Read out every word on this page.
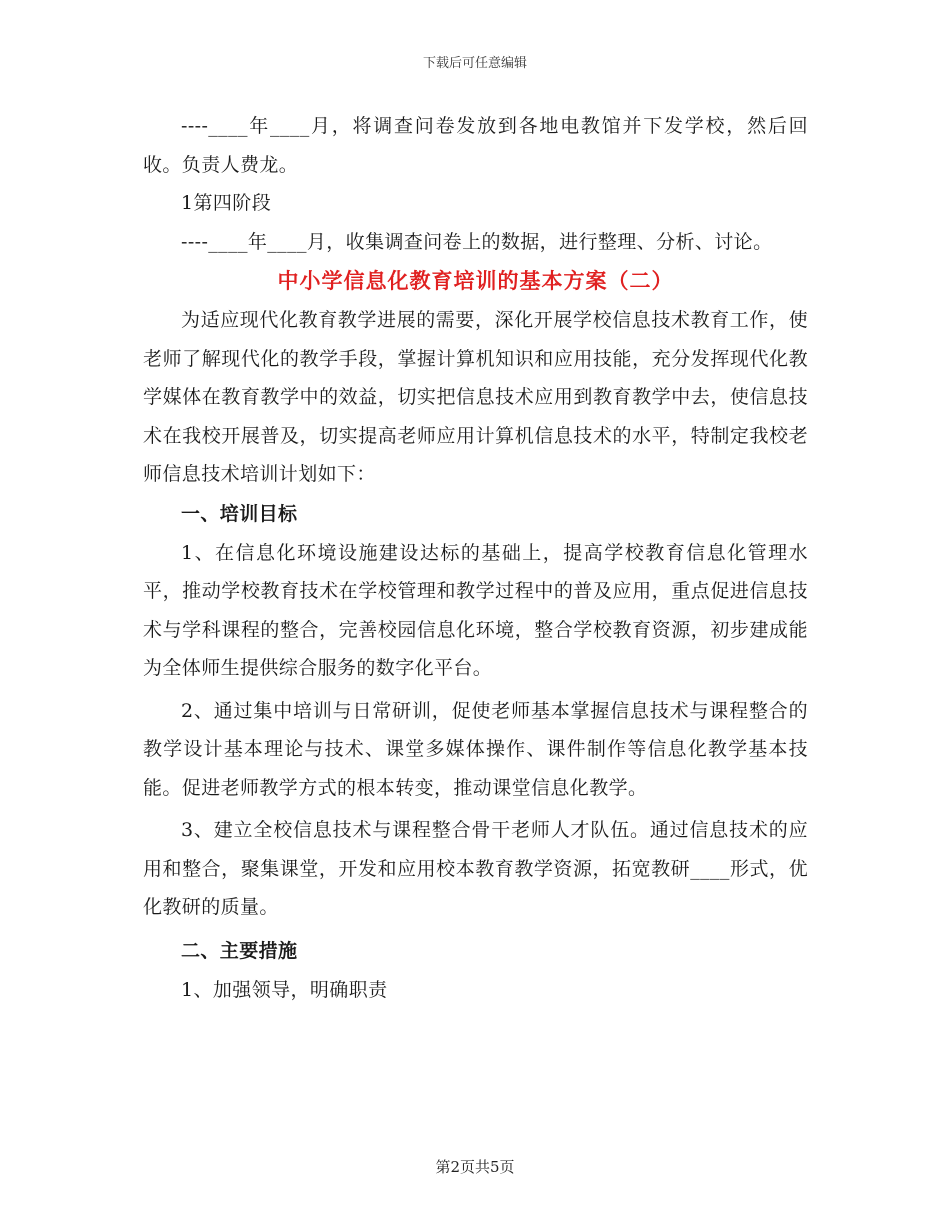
下载后可任意编辑

----____年____月，将调查问卷发放到各地电教馆并下发学校，然后回收。负责人费龙。

1第四阶段

----____年____月，收集调查问卷上的数据，进行整理、分析、讨论。

中小学信息化教育培训的基本方案（二）

为适应现代化教育教学进展的需要，深化开展学校信息技术教育工作，使老师了解现代化的教学手段，掌握计算机知识和应用技能，充分发挥现代化教学媒体在教育教学中的效益，切实把信息技术应用到教育教学中去，使信息技术在我校开展普及，切实提高老师应用计算机信息技术的水平，特制定我校老师信息技术培训计划如下：

一、培训目标

1、在信息化环境设施建设达标的基础上，提高学校教育信息化管理水平，推动学校教育技术在学校管理和教学过程中的普及应用，重点促进信息技术与学科课程的整合，完善校园信息化环境，整合学校教育资源，初步建成能为全体师生提供综合服务的数字化平台。

2、通过集中培训与日常研训，促使老师基本掌握信息技术与课程整合的教学设计基本理论与技术、课堂多媒体操作、课件制作等信息化教学基本技能。促进老师教学方式的根本转变，推动课堂信息化教学。

3、建立全校信息技术与课程整合骨干老师人才队伍。通过信息技术的应用和整合，聚集课堂，开发和应用校本教育教学资源，拓宽教研____形式，优化教研的质量。

二、主要措施

1、加强领导，明确职责

第2页共5页
